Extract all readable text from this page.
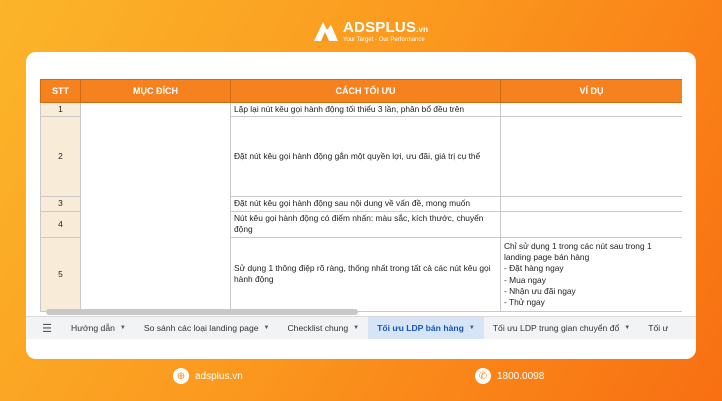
ADSPLUS.vn
Your Target - Our Performance
STT	MỤC ĐÍCH	CÁCH TỐI ƯU	VÍ DỤ
1		Lặp lại nút kêu gọi hành động tối thiểu 3 lần, phân bổ đều trên	
2		Đặt nút kêu gọi hành động gắn một quyền lợi, ưu đãi, giá trị cụ thể	
3		Đặt nút kêu gọi hành động sau nội dung về vấn đề, mong muốn	
4		Nút kêu gọi hành động có điểm nhấn: màu sắc, kích thước, chuyển động	
5		Sử dụng 1 thông điệp rõ ràng, thống nhất trong tất cả các nút kêu gọi hành động	Chỉ sử dụng 1 trong các nút sau trong 1 landing page bán hàng
- Đặt hàng ngay
- Mua ngay
- Nhận ưu đãi ngay
- Thử ngay
☰	Hướng dẫn ▼ So sánh các loại landing page ▼ Checklist chung ▼ Tối ưu LDP bán hàng ▼ Tối ưu LDP trung gian chuyển đổ ▼ Tối ư
⊕ adsplus.vn	✆ 1800.0098
